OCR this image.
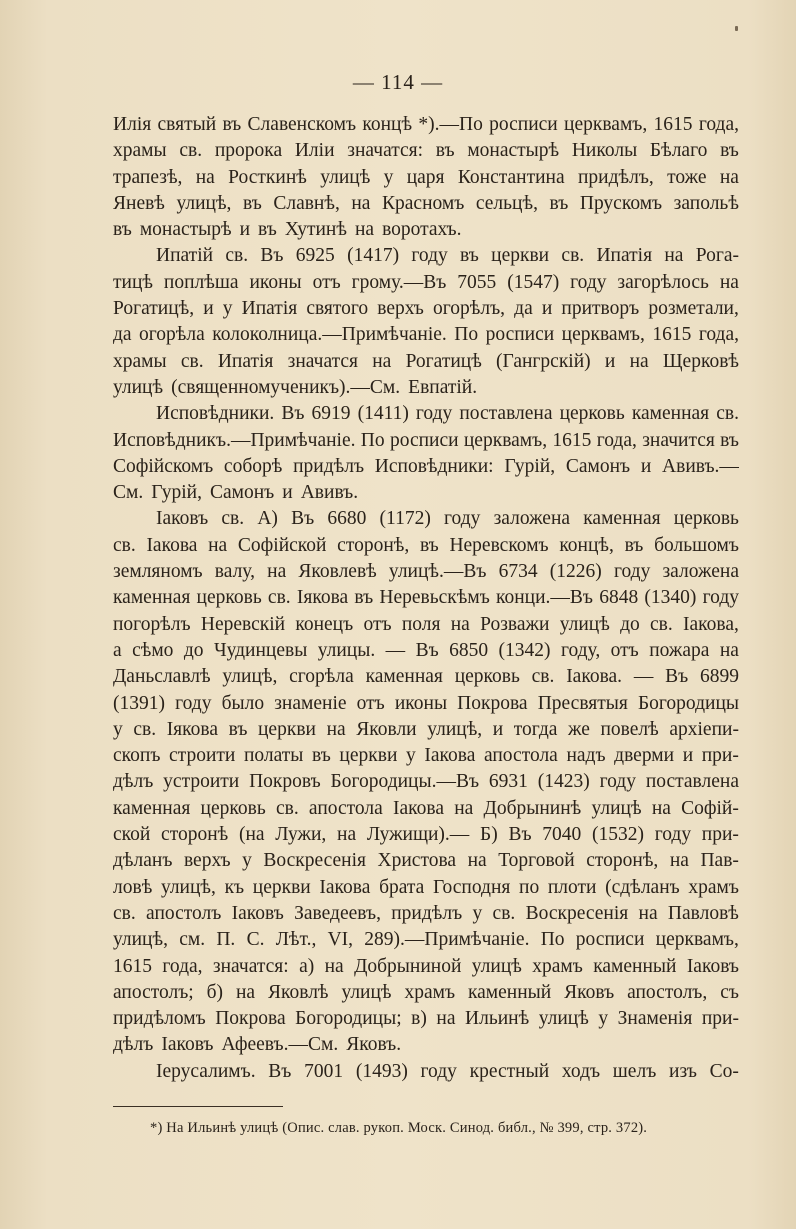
— 114 —
Илія святый въ Славенскомъ концѣ *).—По росписи церквамъ, 1615 года,
храмы св. пророка Иліи значатся: въ монастырѣ Николы Бѣлаго въ
трапезѣ, на Росткинѣ улицѣ у царя Константина придѣлъ, тоже на
Яневѣ улицѣ, въ Славнѣ, на Красномъ сельцѣ, въ Прускомъ запольѣ
въ монастырѣ и въ Хутинѣ на воротахъ.
Ипатій св. Въ 6925 (1417) году въ церкви св. Ипатія на Рога-
тицѣ поплѣша иконы отъ грому.—Въ 7055 (1547) году загорѣлось на
Рогатицѣ, и у Ипатія святого верхъ огорѣлъ, да и притворъ розметали,
да огорѣла колоколница.—Примѣчаніе. По росписи церквамъ, 1615 года,
храмы св. Ипатія значатся на Рогатицѣ (Гангрскій) и на Щерковѣ
улицѣ (священномученикъ).—См. Евпатій.
Исповѣдники. Въ 6919 (1411) году поставлена церковь каменная св.
Исповѣдникъ.—Примѣчаніе. По росписи церквамъ, 1615 года, значится въ
Софійскомъ соборѣ придѣлъ Исповѣдники: Гурій, Самонъ и Авивъ.—
См. Гурій, Самонъ и Авивъ.
Іаковъ св. А) Въ 6680 (1172) году заложена каменная церковь
св. Іакова на Софійской сторонѣ, въ Неревскомъ концѣ, въ большомъ
земляномъ валу, на Яковлевѣ улицѣ.—Въ 6734 (1226) году заложена
каменная церковь св. Іякова въ Неревьскѣмъ конци.—Въ 6848 (1340) году
погорѣлъ Неревскій конецъ отъ поля на Розважи улицѣ до св. Іакова,
а сѣмо до Чудинцевы улицы. — Въ 6850 (1342) году, отъ пожара на
Даньславлѣ улицѣ, сгорѣла каменная церковь св. Іакова. — Въ 6899
(1391) году было знаменіе отъ иконы Покрова Пресвятыя Богородицы
у св. Іякова въ церкви на Яковли улицѣ, и тогда же повелѣ архіепи-
скопъ строити полаты въ церкви у Іакова апостола надъ дверми и при-
дѣлъ устроити Покровъ Богородицы.—Въ 6931 (1423) году поставлена
каменная церковь св. апостола Іакова на Добрынинѣ улицѣ на Софій-
ской сторонѣ (на Лужи, на Лужищи).— Б) Въ 7040 (1532) году при-
дѣланъ верхъ у Воскресенія Христова на Торговой сторонѣ, на Пав-
ловѣ улицѣ, къ церкви Іакова брата Господня по плоти (сдѣланъ храмъ
св. апостолъ Іаковъ Заведеевъ, придѣлъ у св. Воскресенія на Павловѣ
улицѣ, см. П. С. Лѣт., VI, 289).—Примѣчаніе. По росписи церквамъ,
1615 года, значатся: а) на Добрыниной улицѣ храмъ каменный Іаковъ
апостолъ; б) на Яковлѣ улицѣ храмъ каменный Яковъ апостолъ, съ
придѣломъ Покрова Богородицы; в) на Ильинѣ улицѣ у Знаменія при-
дѣлъ Іаковъ Афеевъ.—См. Яковъ.
Іерусалимъ. Въ 7001 (1493) году крестный ходъ шелъ изъ Со-
*) На Ильинѣ улицѣ (Опис. слав. рукоп. Моск. Синод. библ., № 399, стр. 372).
